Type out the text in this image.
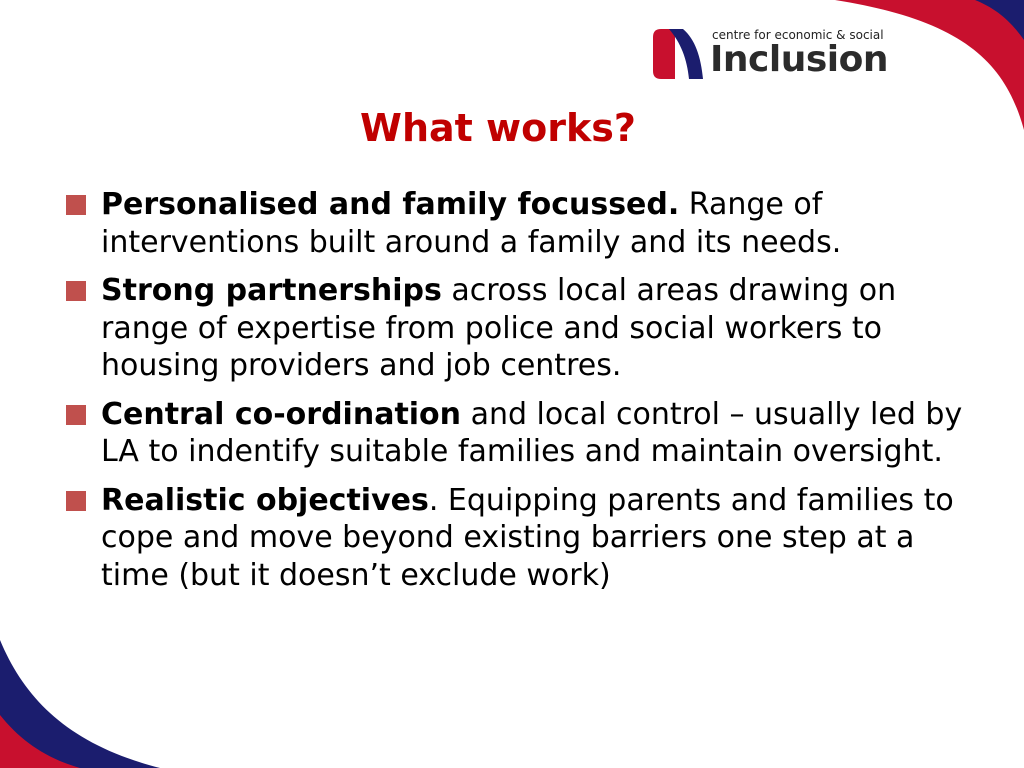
centre for economic & social
Inclusion
What works?
Personalised and family focussed. Range of interventions built around a family and its needs.
Strong partnerships across local areas drawing on range of expertise from police and social workers to housing providers and job centres.
Central co-ordination and local control – usually led by LA to indentify suitable families and maintain oversight.
Realistic objectives. Equipping parents and families to cope and move beyond existing barriers one step at a time (but it doesn’t exclude work)
